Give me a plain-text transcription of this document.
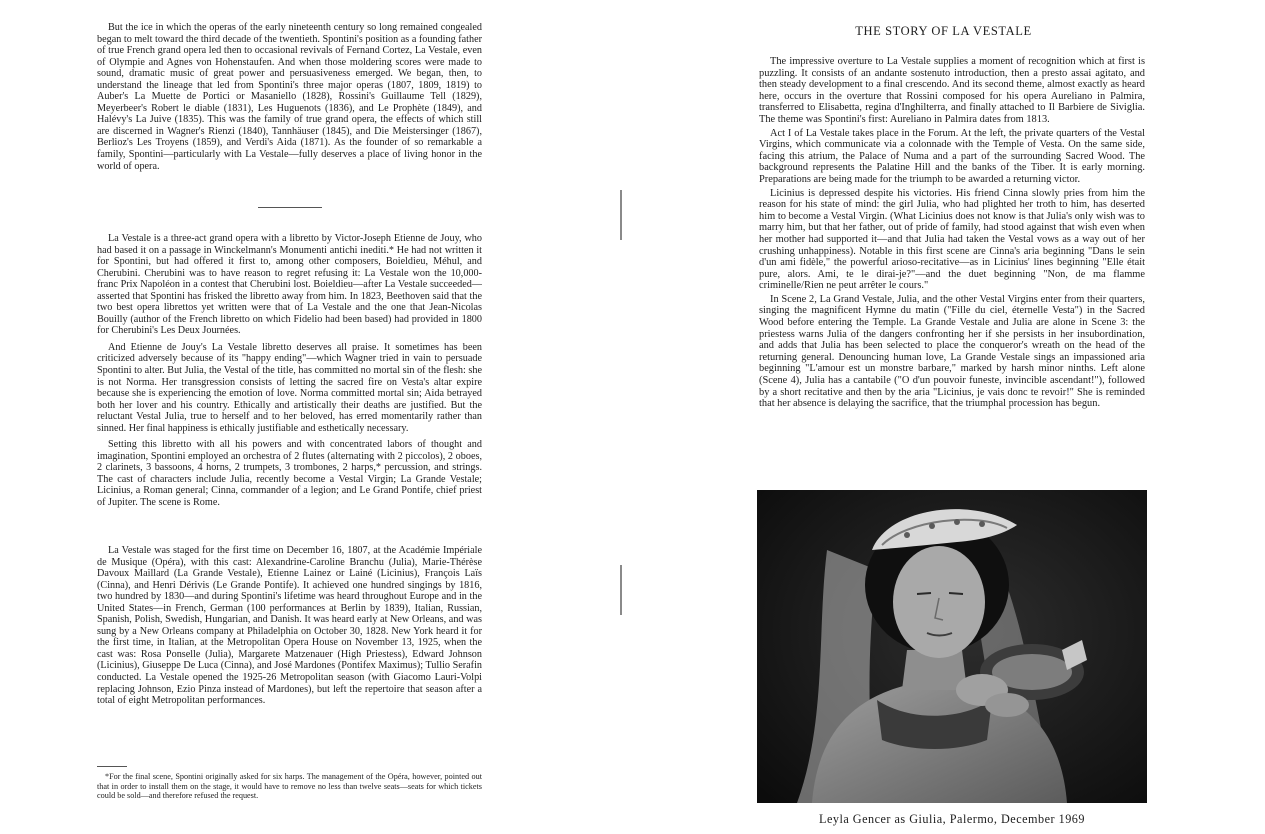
But the ice in which the operas of the early nineteenth century so long remained congealed began to melt toward the third decade of the twentieth. Spontini's position as a founding father of true French grand opera led then to occasional revivals of Fernand Cortez, La Vestale, even of Olympie and Agnes von Hohenstaufen. And when those moldering scores were made to sound, dramatic music of great power and persuasiveness emerged. We began, then, to understand the lineage that led from Spontini's three major operas (1807, 1809, 1819) to Auber's La Muette de Portici or Masaniello (1828), Rossini's Guillaume Tell (1829), Meyerbeer's Robert le diable (1831), Les Huguenots (1836), and Le Prophète (1849), and Halévy's La Juive (1835). This was the family of true grand opera, the effects of which still are discerned in Wagner's Rienzi (1840), Tannhäuser (1845), and Die Meistersinger (1867), Berlioz's Les Troyens (1859), and Verdi's Aida (1871). As the founder of so remarkable a family, Spontini—particularly with La Vestale—fully deserves a place of living honor in the world of opera.

La Vestale is a three-act grand opera with a libretto by Victor-Joseph Etienne de Jouy, who had based it on a passage in Winckelmann's Monumenti antichi inediti.* He had not written it for Spontini, but had offered it first to, among other composers, Boieldieu, Méhul, and Cherubini. Cherubini was to have reason to regret refusing it: La Vestale won the 10,000-franc Prix Napoléon in a contest that Cherubini lost. Boieldieu—after La Vestale succeeded—asserted that Spontini has frisked the libretto away from him. In 1823, Beethoven said that the two best opera librettos yet written were that of La Vestale and the one that Jean-Nicolas Bouilly (author of the French libretto on which Fidelio had been based) had provided in 1800 for Cherubini's Les Deux Journées.

And Etienne de Jouy's La Vestale libretto deserves all praise. It sometimes has been criticized adversely because of its "happy ending"—which Wagner tried in vain to persuade Spontini to alter. But Julia, the Vestal of the title, has committed no mortal sin of the flesh: she is not Norma. Her transgression consists of letting the sacred fire on Vesta's altar expire because she is experiencing the emotion of love. Norma committed mortal sin; Aida betrayed both her lover and his country. Ethically and artistically their deaths are justified. But the reluctant Vestal Julia, true to herself and to her beloved, has erred momentarily rather than sinned. Her final happiness is ethically justifiable and esthetically necessary.

Setting this libretto with all his powers and with concentrated labors of thought and imagination, Spontini employed an orchestra of 2 flutes (alternating with 2 piccolos), 2 oboes, 2 clarinets, 3 bassoons, 4 horns, 2 trumpets, 3 trombones, 2 harps,* percussion, and strings. The cast of characters include Julia, recently become a Vestal Virgin; La Grande Vestale; Licinius, a Roman general; Cinna, commander of a legion; and Le Grand Pontife, chief priest of Jupiter. The scene is Rome.

La Vestale was staged for the first time on December 16, 1807, at the Académie Impériale de Musique (Opéra), with this cast: Alexandrine-Caroline Branchu (Julia), Marie-Thérèse Davoux Maillard (La Grande Vestale), Etienne Lainez or Lainé (Licinius), François Laïs (Cinna), and Henri Dérivis (Le Grande Pontife). It achieved one hundred singings by 1816, two hundred by 1830—and during Spontini's lifetime was heard throughout Europe and in the United States—in French, German (100 performances at Berlin by 1839), Italian, Russian, Spanish, Polish, Swedish, Hungarian, and Danish. It was heard early at New Orleans, and was sung by a New Orleans company at Philadelphia on October 30, 1828. New York heard it for the first time, in Italian, at the Metropolitan Opera House on November 13, 1925, when the cast was: Rosa Ponselle (Julia), Margarete Matzenauer (High Priestess), Edward Johnson (Licinius), Giuseppe De Luca (Cinna), and José Mardones (Pontifex Maximus); Tullio Serafin conducted. La Vestale opened the 1925-26 Metropolitan season (with Giacomo Lauri-Volpi replacing Johnson, Ezio Pinza instead of Mardones), but left the repertoire that season after a total of eight Metropolitan performances.

*For the final scene, Spontini originally asked for six harps. The management of the Opéra, however, pointed out that in order to install them on the stage, it would have to remove no less than twelve seats—seats for which tickets could be sold—and therefore refused the request.

THE STORY OF LA VESTALE

The impressive overture to La Vestale supplies a moment of recognition which at first is puzzling. It consists of an andante sostenuto introduction, then a presto assai agitato, and then steady development to a final crescendo. And its second theme, almost exactly as heard here, occurs in the overture that Rossini composed for his opera Aureliano in Palmira, transferred to Elisabetta, regina d'Inghilterra, and finally attached to Il Barbiere de Siviglia. The theme was Spontini's first: Aureliano in Palmira dates from 1813.

Act I of La Vestale takes place in the Forum. At the left, the private quarters of the Vestal Virgins, which communicate via a colonnade with the Temple of Vesta. On the same side, facing this atrium, the Palace of Numa and a part of the surrounding Sacred Wood. The background represents the Palatine Hill and the banks of the Tiber. It is early morning. Preparations are being made for the triumph to be awarded a returning victor.

Licinius is depressed despite his victories. His friend Cinna slowly pries from him the reason for his state of mind: the girl Julia, who had plighted her troth to him, has deserted him to become a Vestal Virgin. (What Licinius does not know is that Julia's only wish was to marry him, but that her father, out of pride of family, had stood against that wish even when her mother had supported it—and that Julia had taken the Vestal vows as a way out of her crushing unhappiness). Notable in this first scene are Cinna's aria beginning "Dans le sein d'un ami fidèle," the powerful arioso-recitative—as in Licinius' lines beginning "Elle était pure, alors. Ami, te le dirai-je?"—and the duet beginning "Non, de ma flamme criminelle/Rien ne peut arrêter le cours."

In Scene 2, La Grand Vestale, Julia, and the other Vestal Virgins enter from their quarters, singing the magnificent Hymne du matin ("Fille du ciel, éternelle Vesta") in the Sacred Wood before entering the Temple. La Grande Vestale and Julia are alone in Scene 3: the priestess warns Julia of the dangers confronting her if she persists in her insubordination, and adds that Julia has been selected to place the conqueror's wreath on the head of the returning general. Denouncing human love, La Grande Vestale sings an impassioned aria beginning "L'amour est un monstre barbare," marked by harsh minor ninths. Left alone (Scene 4), Julia has a cantabile ("O d'un pouvoir funeste, invincible ascendant!"), followed by a short recitative and then by the aria "Licinius, je vais donc te revoir!" She is reminded that her absence is delaying the sacrifice, that the triumphal procession has begun.

Leyla Gencer as Giulia, Palermo, December 1969
